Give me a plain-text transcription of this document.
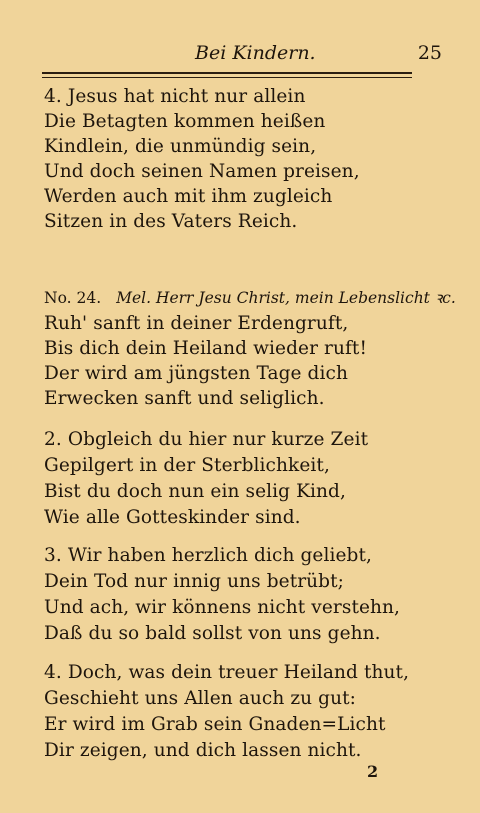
Bei Kindern.	25
4. Jesus hat nicht nur allein
Die Betagten kommen heißen
Kindlein, die unmündig sein,
Und doch seinen Namen preisen,
Werden auch mit ihm zugleich
Sitzen in des Vaters Reich.
No. 24. Mel. Herr Jesu Christ, mein Lebenslicht ꝛc.
Ruh' sanft in deiner Erdengruft,
Bis dich dein Heiland wieder ruft!
Der wird am jüngsten Tage dich
Erwecken sanft und seliglich.
2. Obgleich du hier nur kurze Zeit
Gepilgert in der Sterblichkeit,
Bist du doch nun ein selig Kind,
Wie alle Gotteskinder sind.
3. Wir haben herzlich dich geliebt,
Dein Tod nur innig uns betrübt;
Und ach, wir könnens nicht verstehn,
Daß du so bald sollst von uns gehn.
4. Doch, was dein treuer Heiland thut,
Geschieht uns Allen auch zu gut:
Er wird im Grab sein Gnaden=Licht
Dir zeigen, und dich lassen nicht.
2
